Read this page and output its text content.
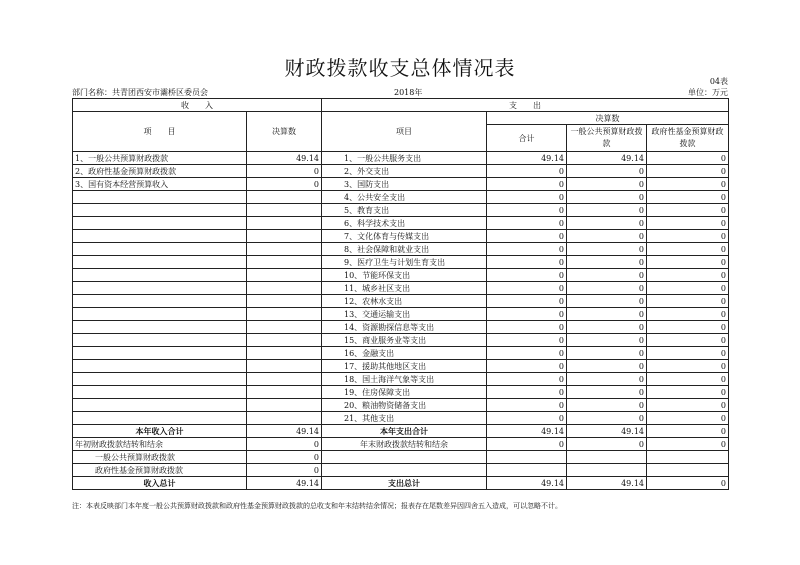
财政拨款收支总体情况表
04表
部门名称：共青团西安市灞桥区委员会	2018年	单位：万元
收　　入		支　　出			
项　　目	决算数	项目	决算数		
			合计	一般公共预算财政拨款	政府性基金预算财政拨款
1、一般公共预算财政拨款	49.14	1、一般公共服务支出	49.14	49.14	0
2、政府性基金预算财政拨款	0	2、外交支出	0	0	0
3、国有资本经营预算收入	0	3、国防支出	0	0	0
		4、公共安全支出	0	0	0
		5、教育支出	0	0	0
		6、科学技术支出	0	0	0
		7、文化体育与传媒支出	0	0	0
		8、社会保障和就业支出	0	0	0
		9、医疗卫生与计划生育支出	0	0	0
		10、节能环保支出	0	0	0
		11、城乡社区支出	0	0	0
		12、农林水支出	0	0	0
		13、交通运输支出	0	0	0
		14、资源勘探信息等支出	0	0	0
		15、商业服务业等支出	0	0	0
		16、金融支出	0	0	0
		17、援助其他地区支出	0	0	0
		18、国土海洋气象等支出	0	0	0
		19、住房保障支出	0	0	0
		20、粮油物资储备支出	0	0	0
		21、其他支出	0	0	0
本年收入合计	49.14	本年支出合计	49.14	49.14	0
年初财政拨款结转和结余	0	年末财政拨款结转和结余	0	0	0
一般公共预算财政拨款	0				
政府性基金预算财政拨款	0				
收入总计	49.14	支出总计	49.14	49.14	0
注：本表反映部门本年度一般公共预算财政拨款和政府性基金预算财政拨款的总收支和年末结转结余情况；报表存在尾数差异因四舍五入造成，可以忽略不计。
